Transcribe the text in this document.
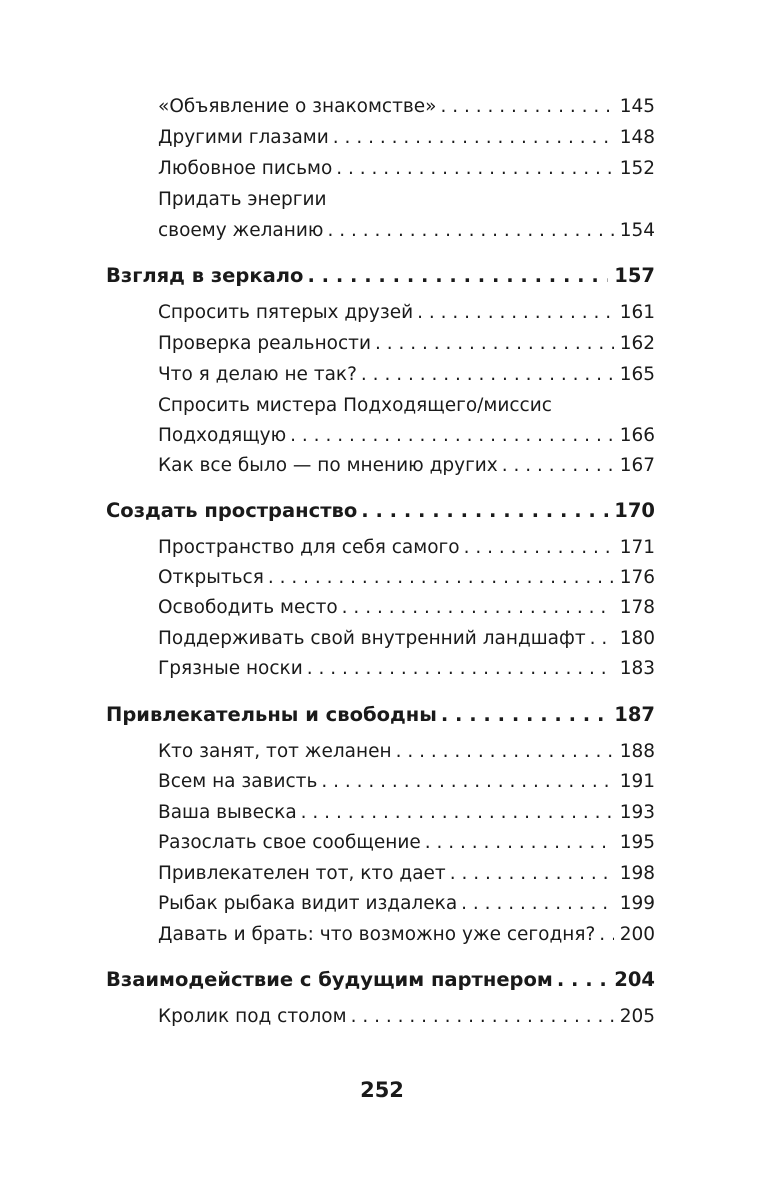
«Объявление о знакомстве» . . .	145
Другими глазами . . .	148
Любовное письмо . . .	152
Придать энергии
своему желанию . . .	154
Взгляд в зеркало . . .	157
Спросить пятерых друзей . . .	161
Проверка реальности . . .	162
Что я делаю не так? . . .	165
Спросить мистера Подходящего/миссис
Подходящую . . .	166
Как все было — по мнению других . . .	167
Создать пространство . . .	170
Пространство для себя самого . . .	171
Открыться . . .	176
Освободить место . . .	178
Поддерживать свой внутренний ландшафт . . . 180
Грязные носки . . .	183
Привлекательны и свободны . . .	187
Кто занят, тот желанен . . .	188
Всем на зависть . . .	191
Ваша вывеска . . .	193
Разослать свое сообщение . . .	195
Привлекателен тот, кто дает . . .	198
Рыбак рыбака видит издалека . . .	199
Давать и брать: что возможно уже сегодня? . . . 200
Взаимодействие с будущим партнером . . .	204
Кролик под столом . . .	205
252
